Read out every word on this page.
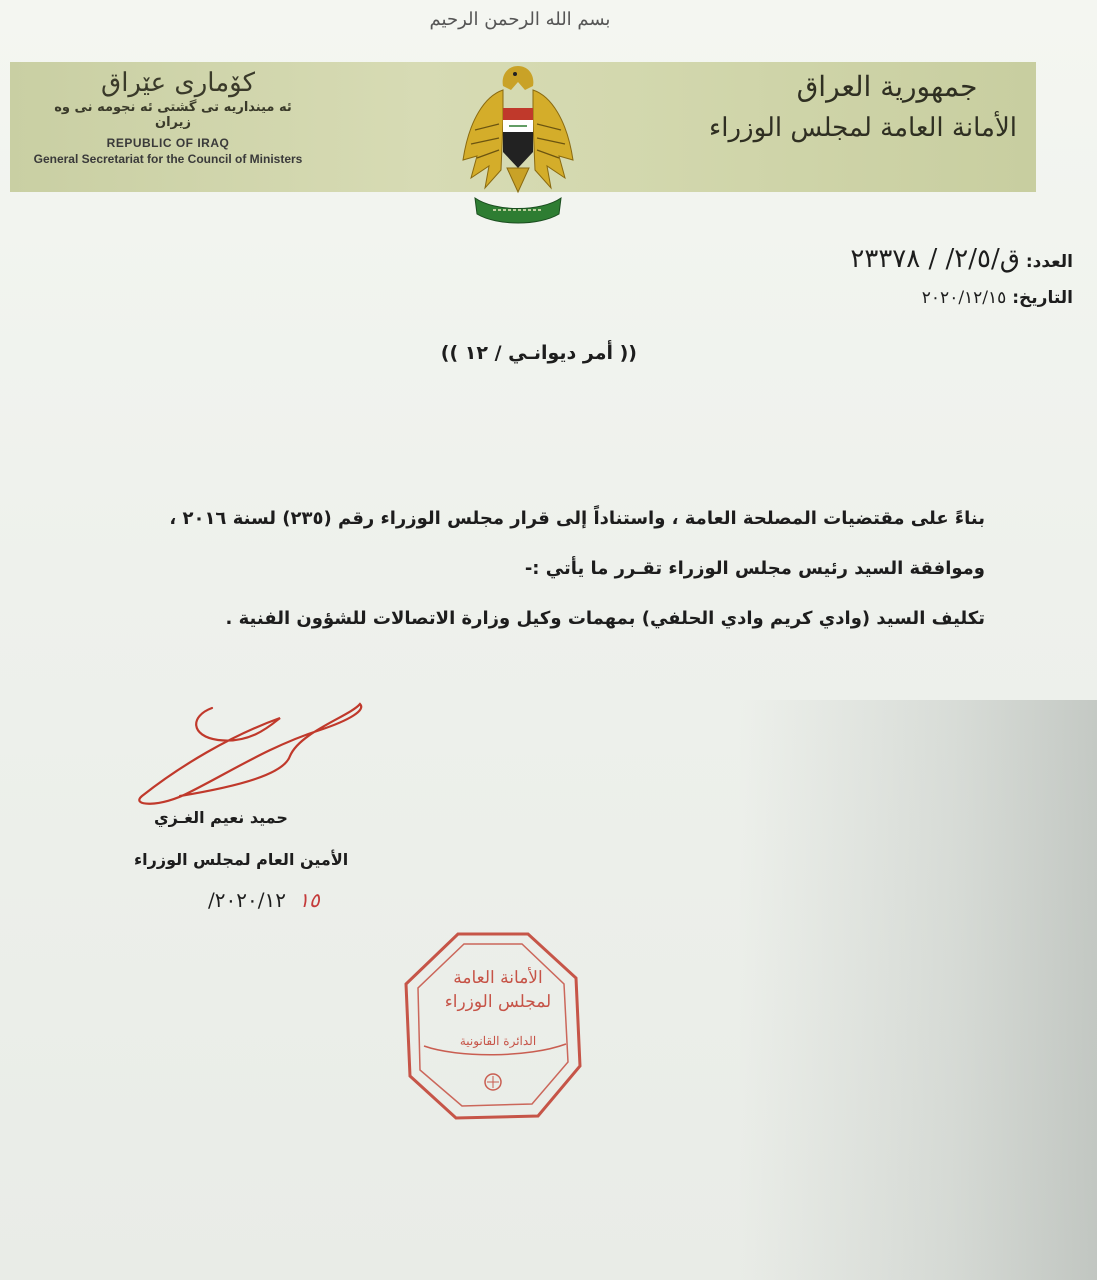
بسم الله الرحمن الرحيم
كۆماری عێراق
ئه‌ مینداریه‌ تی گشتی ئه‌ نجومه‌ نی وه‌ زیران
REPUBLIC OF IRAQ
General Secretariat for the Council of Ministers
جمهورية العراق
الأمانة العامة لمجلس الوزراء
العدد: ق/٢/٥/ / ٢٣٣٧٨
التاريخ: ٢٠٢٠/١٢/١٥
(( أمر ديوانـي / ١٢ ))

بناءً على مقتضيات المصلحة العامة ، واستناداً إلى قرار مجلس الوزراء رقم (٢٣٥) لسنة ٢٠١٦ ،

وموافقة السيد رئيس مجلس الوزراء تقـرر ما يأتي :-

تكليف السيد (وادي كريم وادي الحلفي) بمهمات وكيل وزارة الاتصالات للشؤون الفنية .

حميد نعيم الغـزي
الأمين العام لمجلس الوزراء
١٥ ٢٠٢٠/١٢/
الأمانة العامة
لمجلس الوزراء
الدائرة القانونية
